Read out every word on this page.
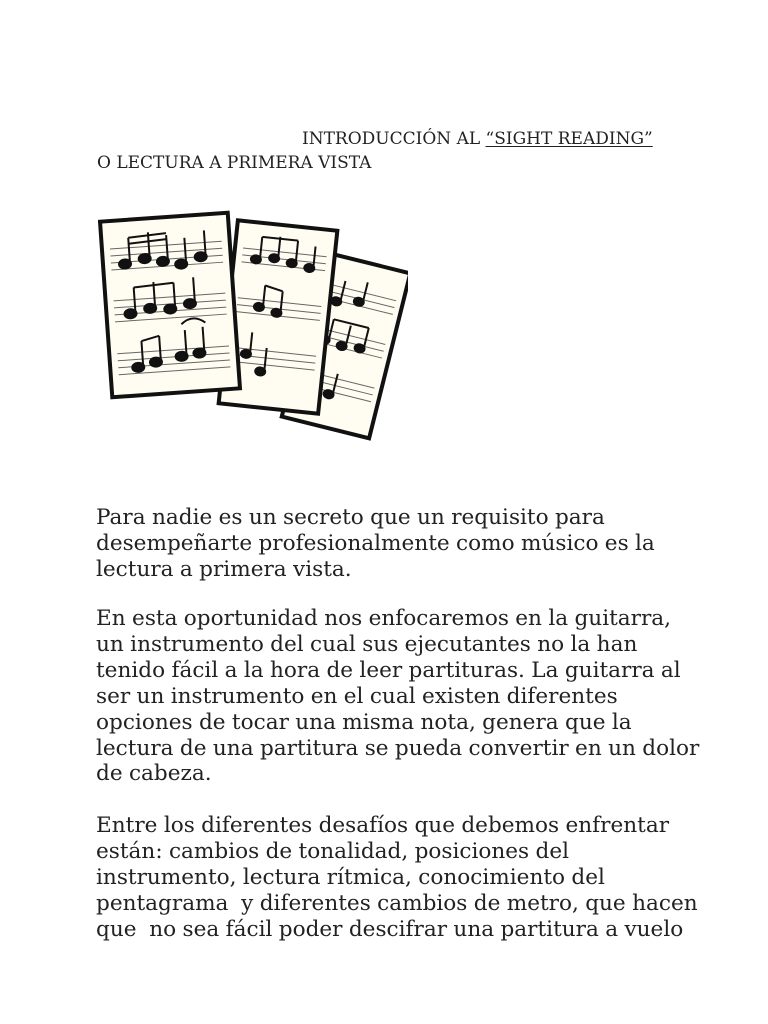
INTRODUCCIÓN AL “SIGHT READING”
O LECTURA A PRIMERA VISTA
Para nadie es un secreto que un requisito para
desempeñarte profesionalmente como músico es la
lectura a primera vista.
En esta oportunidad nos enfocaremos en la guitarra,
un instrumento del cual sus ejecutantes no la han
tenido fácil a la hora de leer partituras. La guitarra al
ser un instrumento en el cual existen diferentes
opciones de tocar una misma nota, genera que la
lectura de una partitura se pueda convertir en un dolor
de cabeza.
Entre los diferentes desafíos que debemos enfrentar
están: cambios de tonalidad, posiciones del
instrumento, lectura rítmica, conocimiento del
pentagrama  y diferentes cambios de metro, que hacen
que  no sea fácil poder descifrar una partitura a vuelo
